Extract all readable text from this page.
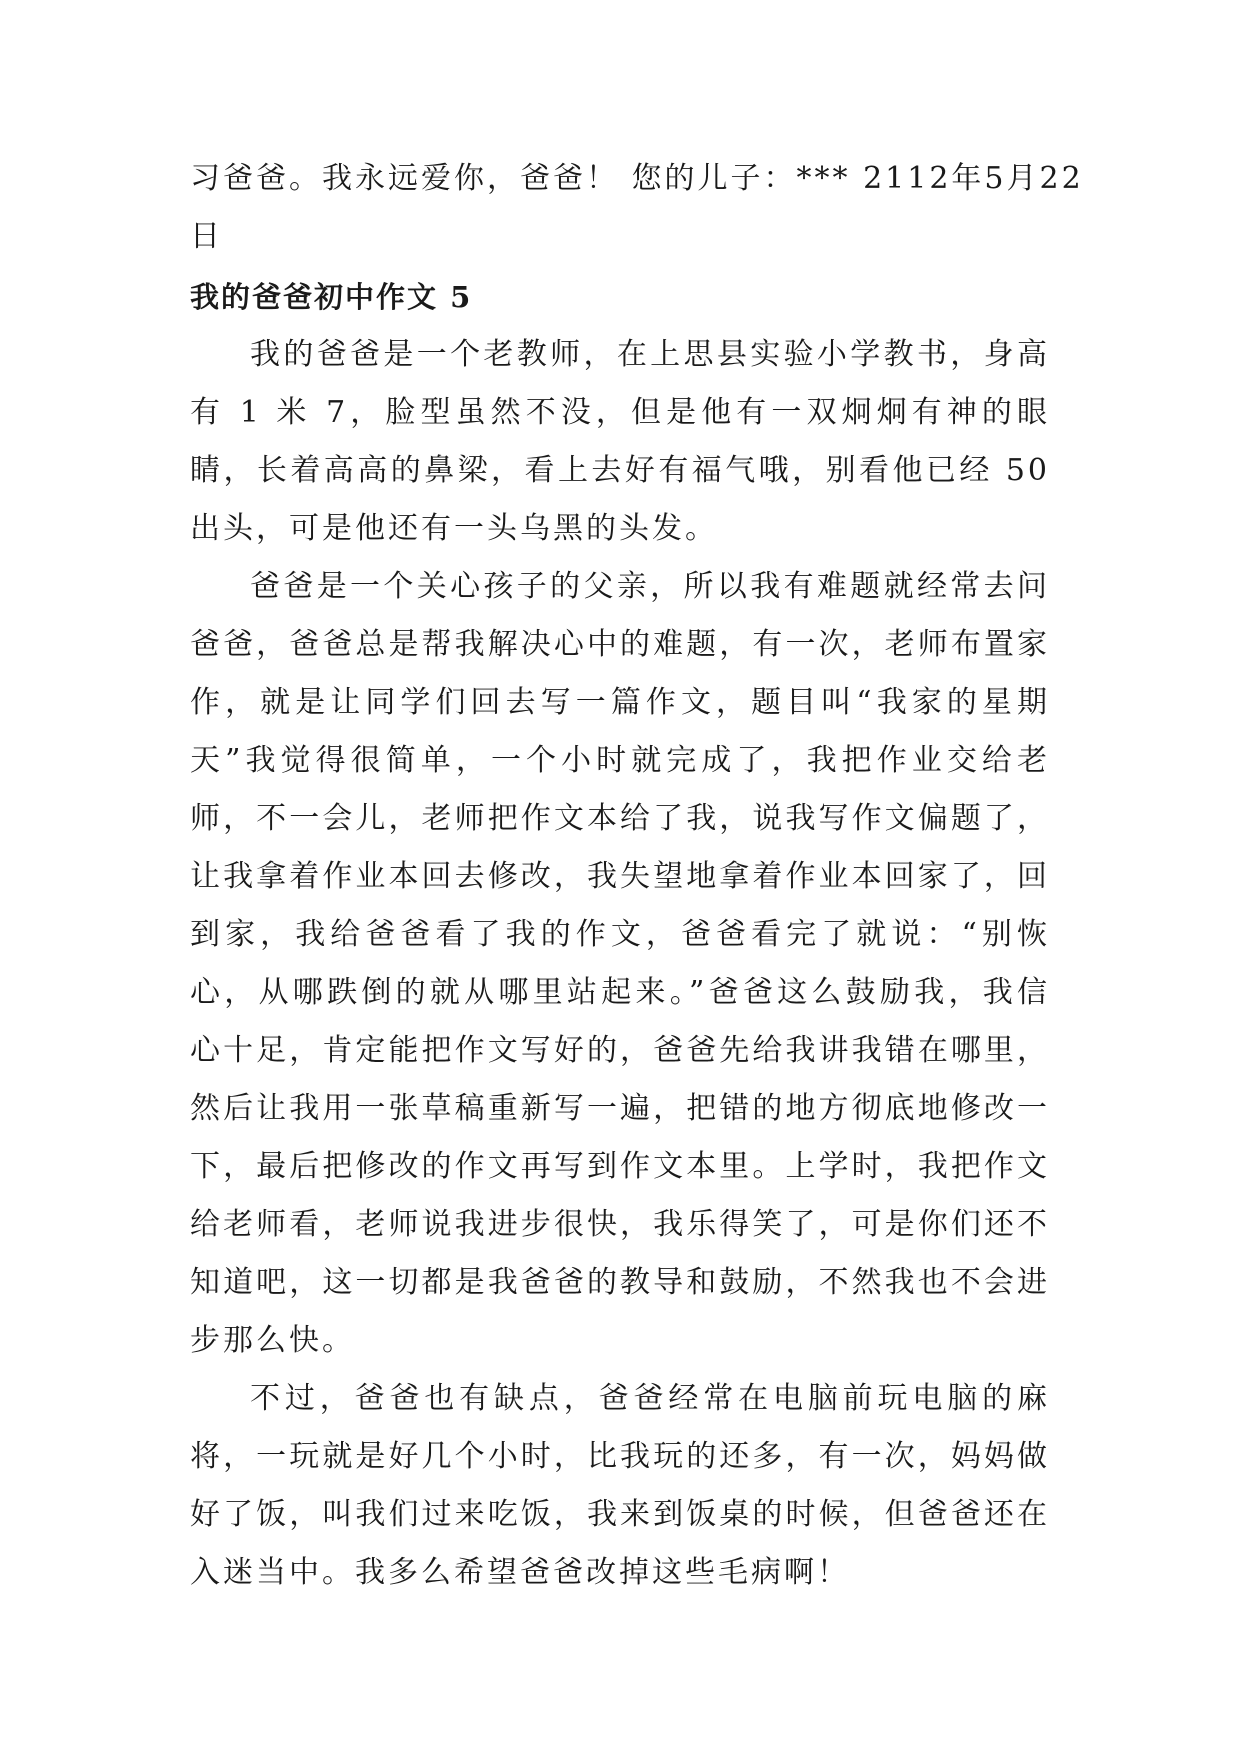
习爸爸。我永远爱你，爸爸！ 您的儿子：*** 2112年5月22

日

我的爸爸初中作文 5

我的爸爸是一个老教师，在上思县实验小学教书，身高有 1 米 7，脸型虽然不没，但是他有一双炯炯有神的眼睛，长着高高的鼻梁，看上去好有福气哦，别看他已经 50 出头，可是他还有一头乌黑的头发。

爸爸是一个关心孩子的父亲，所以我有难题就经常去问爸爸，爸爸总是帮我解决心中的难题，有一次，老师布置家作，就是让同学们回去写一篇作文，题目叫“我家的星期天”我觉得很简单，一个小时就完成了，我把作业交给老师，不一会儿，老师把作文本给了我，说我写作文偏题了，让我拿着作业本回去修改，我失望地拿着作业本回家了，回到家，我给爸爸看了我的作文，爸爸看完了就说：“别恢心，从哪跌倒的就从哪里站起来。”爸爸这么鼓励我，我信心十足，肯定能把作文写好的，爸爸先给我讲我错在哪里，然后让我用一张草稿重新写一遍，把错的地方彻底地修改一下，最后把修改的作文再写到作文本里。上学时，我把作文给老师看，老师说我进步很快，我乐得笑了，可是你们还不知道吧，这一切都是我爸爸的教导和鼓励，不然我也不会进步那么快。

不过，爸爸也有缺点，爸爸经常在电脑前玩电脑的麻将，一玩就是好几个小时，比我玩的还多，有一次，妈妈做好了饭，叫我们过来吃饭，我来到饭桌的时候，但爸爸还在入迷当中。我多么希望爸爸改掉这些毛病啊！
